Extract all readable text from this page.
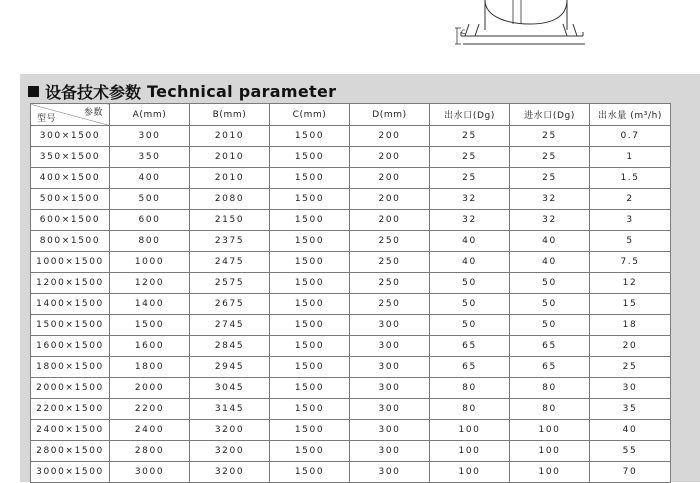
c
设备技术参数 Technical parameter
参数
型号	A(mm)	B(mm)	C(mm)	D(mm)	出水口(Dg)	进水口(Dg)	出水量 (m³/h)
300×1500	300	2010	1500	200	25	25	0.7
350×1500	350	2010	1500	200	25	25	1
400×1500	400	2010	1500	200	25	25	1.5
500×1500	500	2080	1500	200	32	32	2
600×1500	600	2150	1500	200	32	32	3
800×1500	800	2375	1500	250	40	40	5
1000×1500	1000	2475	1500	250	40	40	7.5
1200×1500	1200	2575	1500	250	50	50	12
1400×1500	1400	2675	1500	250	50	50	15
1500×1500	1500	2745	1500	300	50	50	18
1600×1500	1600	2845	1500	300	65	65	20
1800×1500	1800	2945	1500	300	65	65	25
2000×1500	2000	3045	1500	300	80	80	30
2200×1500	2200	3145	1500	300	80	80	35
2400×1500	2400	3200	1500	300	100	100	40
2800×1500	2800	3200	1500	300	100	100	55
3000×1500	3000	3200	1500	300	100	100	70
